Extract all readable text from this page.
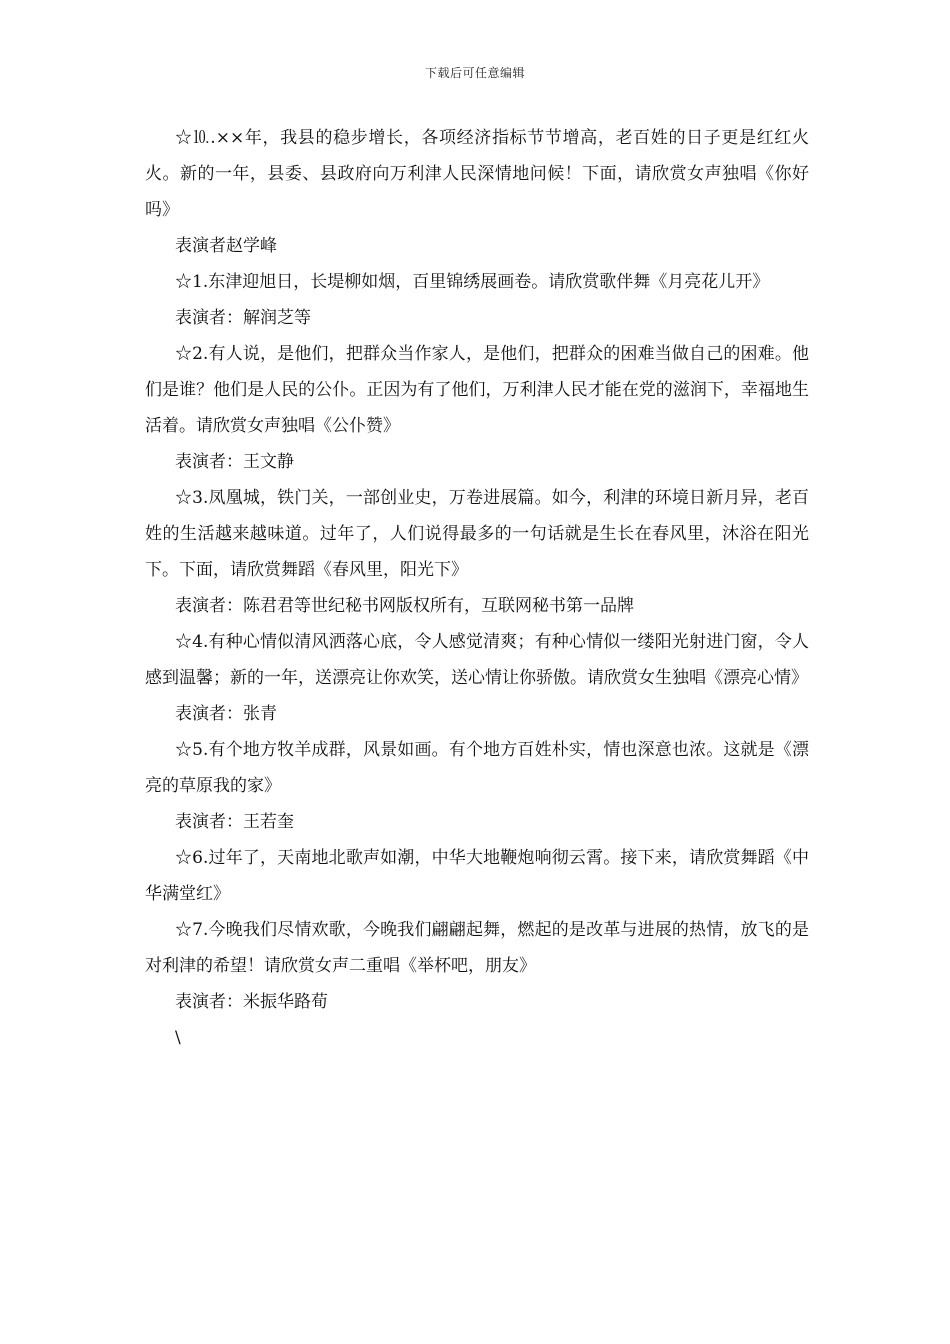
下载后可任意编辑

☆⒑.××年，我县的稳步增长，各项经济指标节节增高，老百姓的日子更是红红火火。新的一年，县委、县政府向万利津人民深情地问候！下面，请欣赏女声独唱《你好吗》

表演者赵学峰

☆1.东津迎旭日，长堤柳如烟，百里锦绣展画卷。请欣赏歌伴舞《月亮花儿开》

表演者：解润芝等

☆2.有人说，是他们，把群众当作家人，是他们，把群众的困难当做自己的困难。他们是谁？他们是人民的公仆。正因为有了他们，万利津人民才能在党的滋润下，幸福地生活着。请欣赏女声独唱《公仆赞》

表演者：王文静

☆3.凤凰城，铁门关，一部创业史，万卷进展篇。如今，利津的环境日新月异，老百姓的生活越来越味道。过年了，人们说得最多的一句话就是生长在春风里，沐浴在阳光下。下面，请欣赏舞蹈《春风里，阳光下》

表演者：陈君君等世纪秘书网版权所有，互联网秘书第一品牌

☆4.有种心情似清风洒落心底，令人感觉清爽；有种心情似一缕阳光射进门窗，令人感到温馨；新的一年，送漂亮让你欢笑，送心情让你骄傲。请欣赏女生独唱《漂亮心情》

表演者：张青

☆5.有个地方牧羊成群，风景如画。有个地方百姓朴实，情也深意也浓。这就是《漂亮的草原我的家》

表演者：王若奎

☆6.过年了，天南地北歌声如潮，中华大地鞭炮响彻云霄。接下来，请欣赏舞蹈《中华满堂红》

☆7.今晚我们尽情欢歌，今晚我们翩翩起舞，燃起的是改革与进展的热情，放飞的是对利津的希望！请欣赏女声二重唱《举杯吧，朋友》

表演者：米振华路荀

\
